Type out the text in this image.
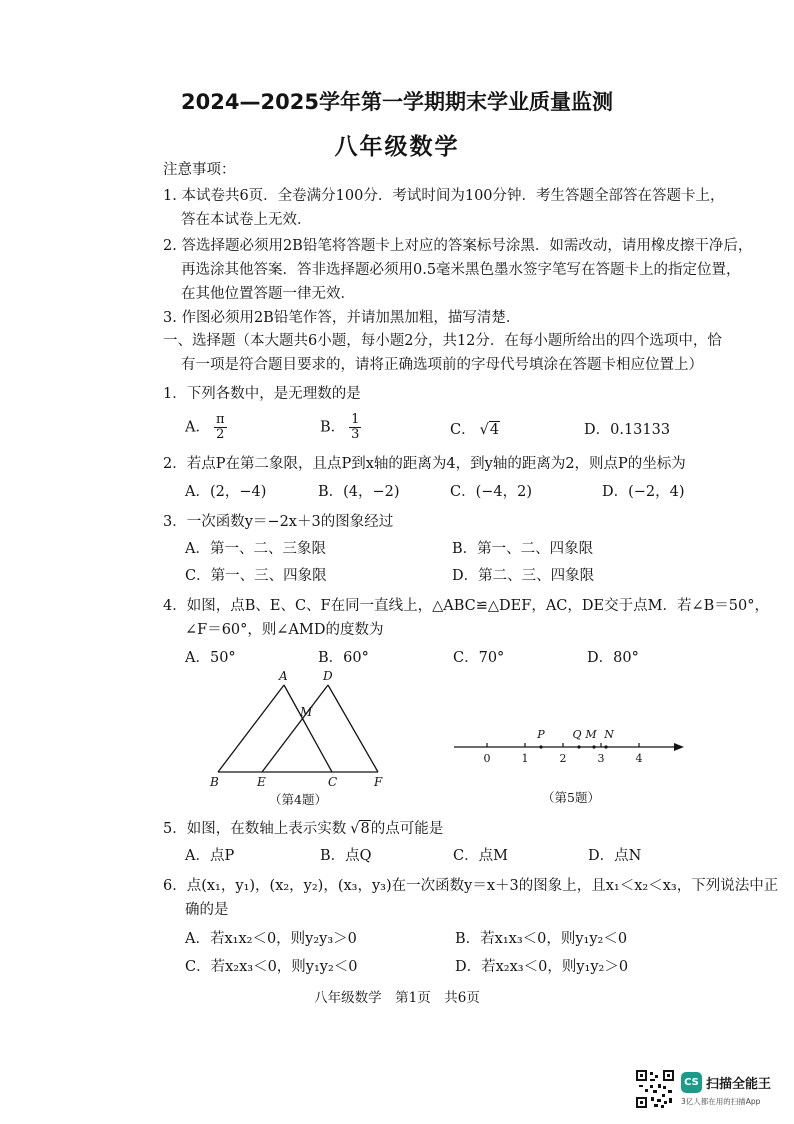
2024—2025学年第一学期期末学业质量监测
八年级数学
注意事项：
1. 本试卷共6页．全卷满分100分．考试时间为100分钟．考生答题全部答在答题卡上，
答在本试卷上无效．
2. 答选择题必须用2B铅笔将答题卡上对应的答案标号涂黑．如需改动，请用橡皮擦干净后，
再选涂其他答案．答非选择题必须用0.5毫米黑色墨水签字笔写在答题卡上的指定位置，
在其他位置答题一律无效．
3. 作图必须用2B铅笔作答，并请加黑加粗，描写清楚．
一、选择题（本大题共6小题，每小题2分，共12分．在每小题所给出的四个选项中，恰
有一项是符合题目要求的，请将正确选项前的字母代号填涂在答题卡相应位置上）
1．下列各数中，是无理数的是
A． $\frac{\pi}{2}$	B． $\frac{1}{3}$	C． √4	D．0.13133
2．若点P在第二象限，且点P到x轴的距离为4，到y轴的距离为2，则点P的坐标为
A．(2，−4)	B．(4，−2)	C．(−4，2)	D．(−2，4)
3．一次函数y＝−2x＋3的图象经过
A．第一、二、三象限	B．第一、二、四象限
C．第一、三、四象限	D．第二、三、四象限
4．如图，点B、E、C、F在同一直线上，△ABC≌△DEF，AC，DE交于点M．若∠B＝50°，
∠F＝60°，则∠AMD的度数为
A．50°	B．60°	C．70°	D．80°
A	D
M
B	E	C	F
（第4题）
0	1	2	3	4
P	Q M N
（第5题）
5．如图，在数轴上表示实数 √8的点可能是
A．点P	B．点Q	C．点M	D．点N
6．点(x₁，y₁)，(x₂，y₂)，(x₃，y₃)在一次函数y＝x＋3的图象上，且x₁＜x₂＜x₃，下列说法中正
确的是
A．若x₁x₂＜0，则y₂y₃＞0	B．若x₁x₃＜0，则y₁y₂＜0
C．若x₂x₃＜0，则y₁y₂＜0	D．若x₂x₃＜0，则y₁y₂＞0
八年级数学　第1页　共6页
CS 扫描全能王
3亿人都在用的扫描App
